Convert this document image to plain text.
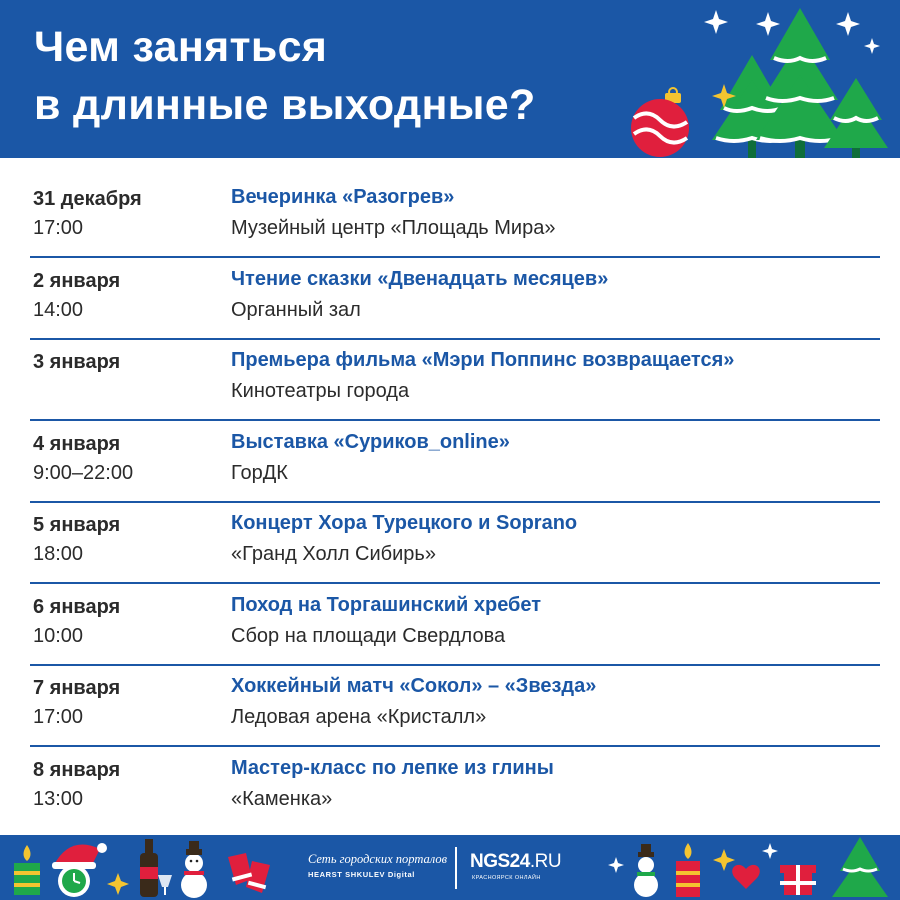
Чем заняться
в длинные выходные?
31 декабря
17:00
Вечеринка «Разогрев»
Музейный центр «Площадь Мира»
2 января
14:00
Чтение сказки «Двенадцать месяцев»
Органный зал
3 января	Премьера фильма «Мэри Поппинс возвращается»
Кинотеатры города
4 января
9:00–22:00
Выставка «Суриков_online»
ГорДК
5 января
18:00
Концерт Хора Турецкого и Soprano
«Гранд Холл Сибирь»
6 января
10:00
Поход на Торгашинский хребет
Сбор на площади Свердлова
7 января
17:00
Хоккейный матч «Сокол» – «Звезда»
Ледовая арена «Кристалл»
8 января
13:00
Мастер-класс по лепке из глины
«Каменка»
Сеть городских порталов
HEARST SHKULEV Digital
NGS24.RU
КРАСНОЯРСК ОНЛАЙН
